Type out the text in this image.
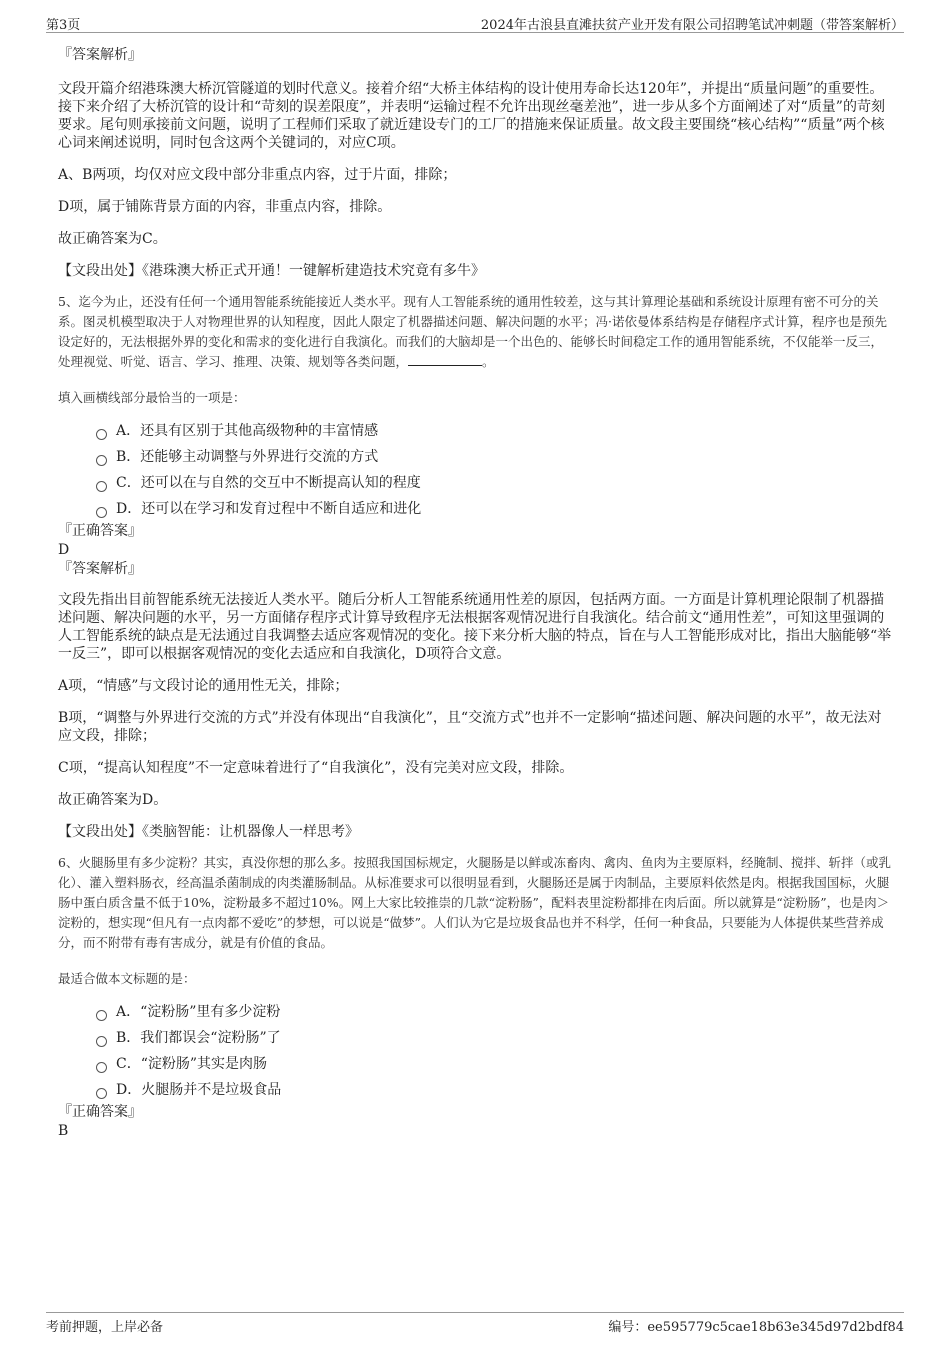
第3页	2024年古浪县直滩扶贫产业开发有限公司招聘笔试冲刺题（带答案解析）
『答案解析』

文段开篇介绍港珠澳大桥沉管隧道的划时代意义。接着介绍“大桥主体结构的设计使用寿命长达120年”，并提出“质量问题”的重要性。接下来介绍了大桥沉管的设计和“苛刻的误差限度”，并表明“运输过程不允许出现丝毫差池”，进一步从多个方面阐述了对“质量”的苛刻要求。尾句则承接前文问题，说明了工程师们采取了就近建设专门的工厂的措施来保证质量。故文段主要围绕“核心结构”“质量”两个核心词来阐述说明，同时包含这两个关键词的，对应C项。

A、B两项，均仅对应文段中部分非重点内容，过于片面，排除；

D项，属于铺陈背景方面的内容，非重点内容，排除。

故正确答案为C。

【文段出处】《港珠澳大桥正式开通！一键解析建造技术究竟有多牛》

5、迄今为止，还没有任何一个通用智能系统能接近人类水平。现有人工智能系统的通用性较差，这与其计算理论基础和系统设计原理有密不可分的关系。图灵机模型取决于人对物理世界的认知程度，因此人限定了机器描述问题、解决问题的水平；冯·诺依曼体系结构是存储程序式计算，程序也是预先设定好的，无法根据外界的变化和需求的变化进行自我演化。而我们的大脑却是一个出色的、能够长时间稳定工作的通用智能系统，不仅能举一反三，处理视觉、听觉、语言、学习、推理、决策、规划等各类问题，	。

填入画横线部分最恰当的一项是：

A．还具有区别于其他高级物种的丰富情感
B．还能够主动调整与外界进行交流的方式
C．还可以在与自然的交互中不断提高认知的程度
D．还可以在学习和发育过程中不断自适应和进化
『正确答案』
D
『答案解析』

文段先指出目前智能系统无法接近人类水平。随后分析人工智能系统通用性差的原因，包括两方面。一方面是计算机理论限制了机器描述问题、解决问题的水平，另一方面储存程序式计算导致程序无法根据客观情况进行自我演化。结合前文“通用性差”，可知这里强调的人工智能系统的缺点是无法通过自我调整去适应客观情况的变化。接下来分析大脑的特点，旨在与人工智能形成对比，指出大脑能够“举一反三”，即可以根据客观情况的变化去适应和自我演化，D项符合文意。

A项，“情感”与文段讨论的通用性无关，排除；

B项，“调整与外界进行交流的方式”并没有体现出“自我演化”，且“交流方式”也并不一定影响“描述问题、解决问题的水平”，故无法对应文段，排除；

C项，“提高认知程度”不一定意味着进行了“自我演化”，没有完美对应文段，排除。

故正确答案为D。

【文段出处】《类脑智能：让机器像人一样思考》

6、火腿肠里有多少淀粉？其实，真没你想的那么多。按照我国国标规定，火腿肠是以鲜或冻畜肉、禽肉、鱼肉为主要原料，经腌制、搅拌、斩拌（或乳化）、灌入塑料肠衣，经高温杀菌制成的肉类灌肠制品。从标准要求可以很明显看到，火腿肠还是属于肉制品，主要原料依然是肉。根据我国国标，火腿肠中蛋白质含量不低于10%，淀粉最多不超过10%。网上大家比较推崇的几款“淀粉肠”，配料表里淀粉都排在肉后面。所以就算是“淀粉肠”，也是肉＞淀粉的，想实现“但凡有一点肉都不爱吃”的梦想，可以说是“做梦”。人们认为它是垃圾食品也并不科学，任何一种食品，只要能为人体提供某些营养成分，而不附带有毒有害成分，就是有价值的食品。

最适合做本文标题的是：

A．“淀粉肠”里有多少淀粉
B．我们都误会“淀粉肠”了
C．“淀粉肠”其实是肉肠
D．火腿肠并不是垃圾食品
『正确答案』
B
考前押题，上岸必备	编号：ee595779c5cae18b63e345d97d2bdf84
